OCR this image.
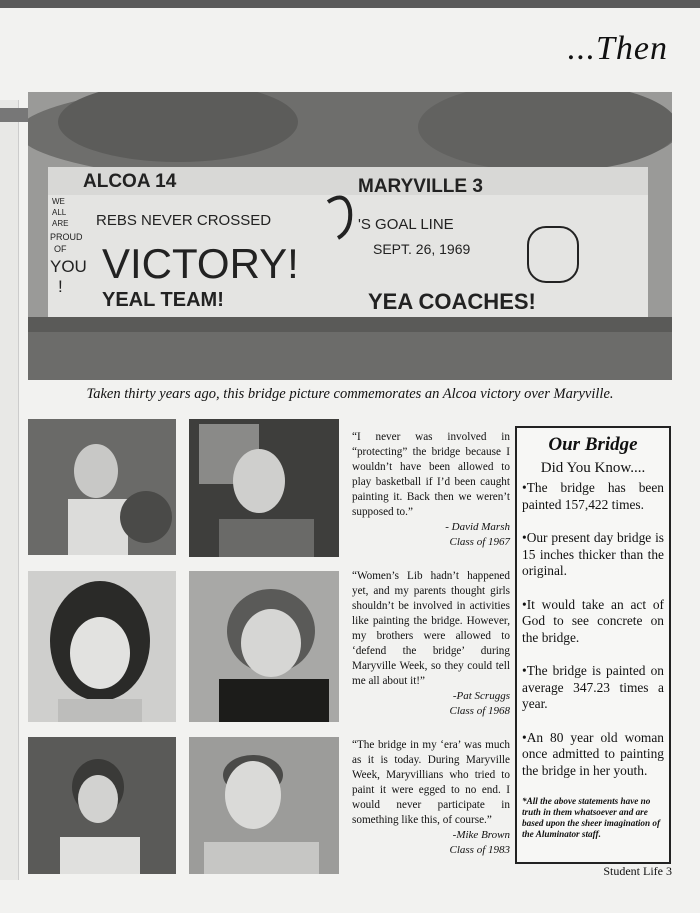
...Then
ALCOA 14	MARYVILLE 3
REBS NEVER CROSSED	'S GOAL LINE
SEPT. 26, 1969
VICTORY!
YEAL TEAM!	YEA COACHES!
WE
ALL
ARE
PROUD
OF
YOU
!
Taken thirty years ago, this bridge picture commemorates an Alcoa victory over Maryville.
“I never was involved in “protecting” the bridge because I wouldn’t have been allowed to play basketball if I’d been caught painting it. Back then we weren’t supposed to.”
- David Marsh
Class of 1967
“Women’s Lib hadn’t happened yet, and my parents thought girls shouldn’t be involved in activities like painting the bridge. However, my brothers were allowed to ‘defend the bridge’ during Maryville Week, so they could tell me all about it!”
-Pat Scruggs
Class of 1968
“The bridge in my ‘era’ was much as it is today. During Maryville Week, Maryvillians who tried to paint it were egged to no end. I would never participate in something like this, of course.”
-Mike Brown
Class of 1983
Our Bridge
Did You Know....
•The bridge has been painted 157,422 times.
•Our present day bridge is 15 inches thicker than the original.
•It would take an act of God to see concrete on the bridge.
•The bridge is painted on average 347.23 times a year.
•An 80 year old woman once admitted to painting the bridge in her youth.
*All the above statements have no truth in them whatsoever and are based upon the sheer imagination of the Aluminator staff.
Student Life 3
